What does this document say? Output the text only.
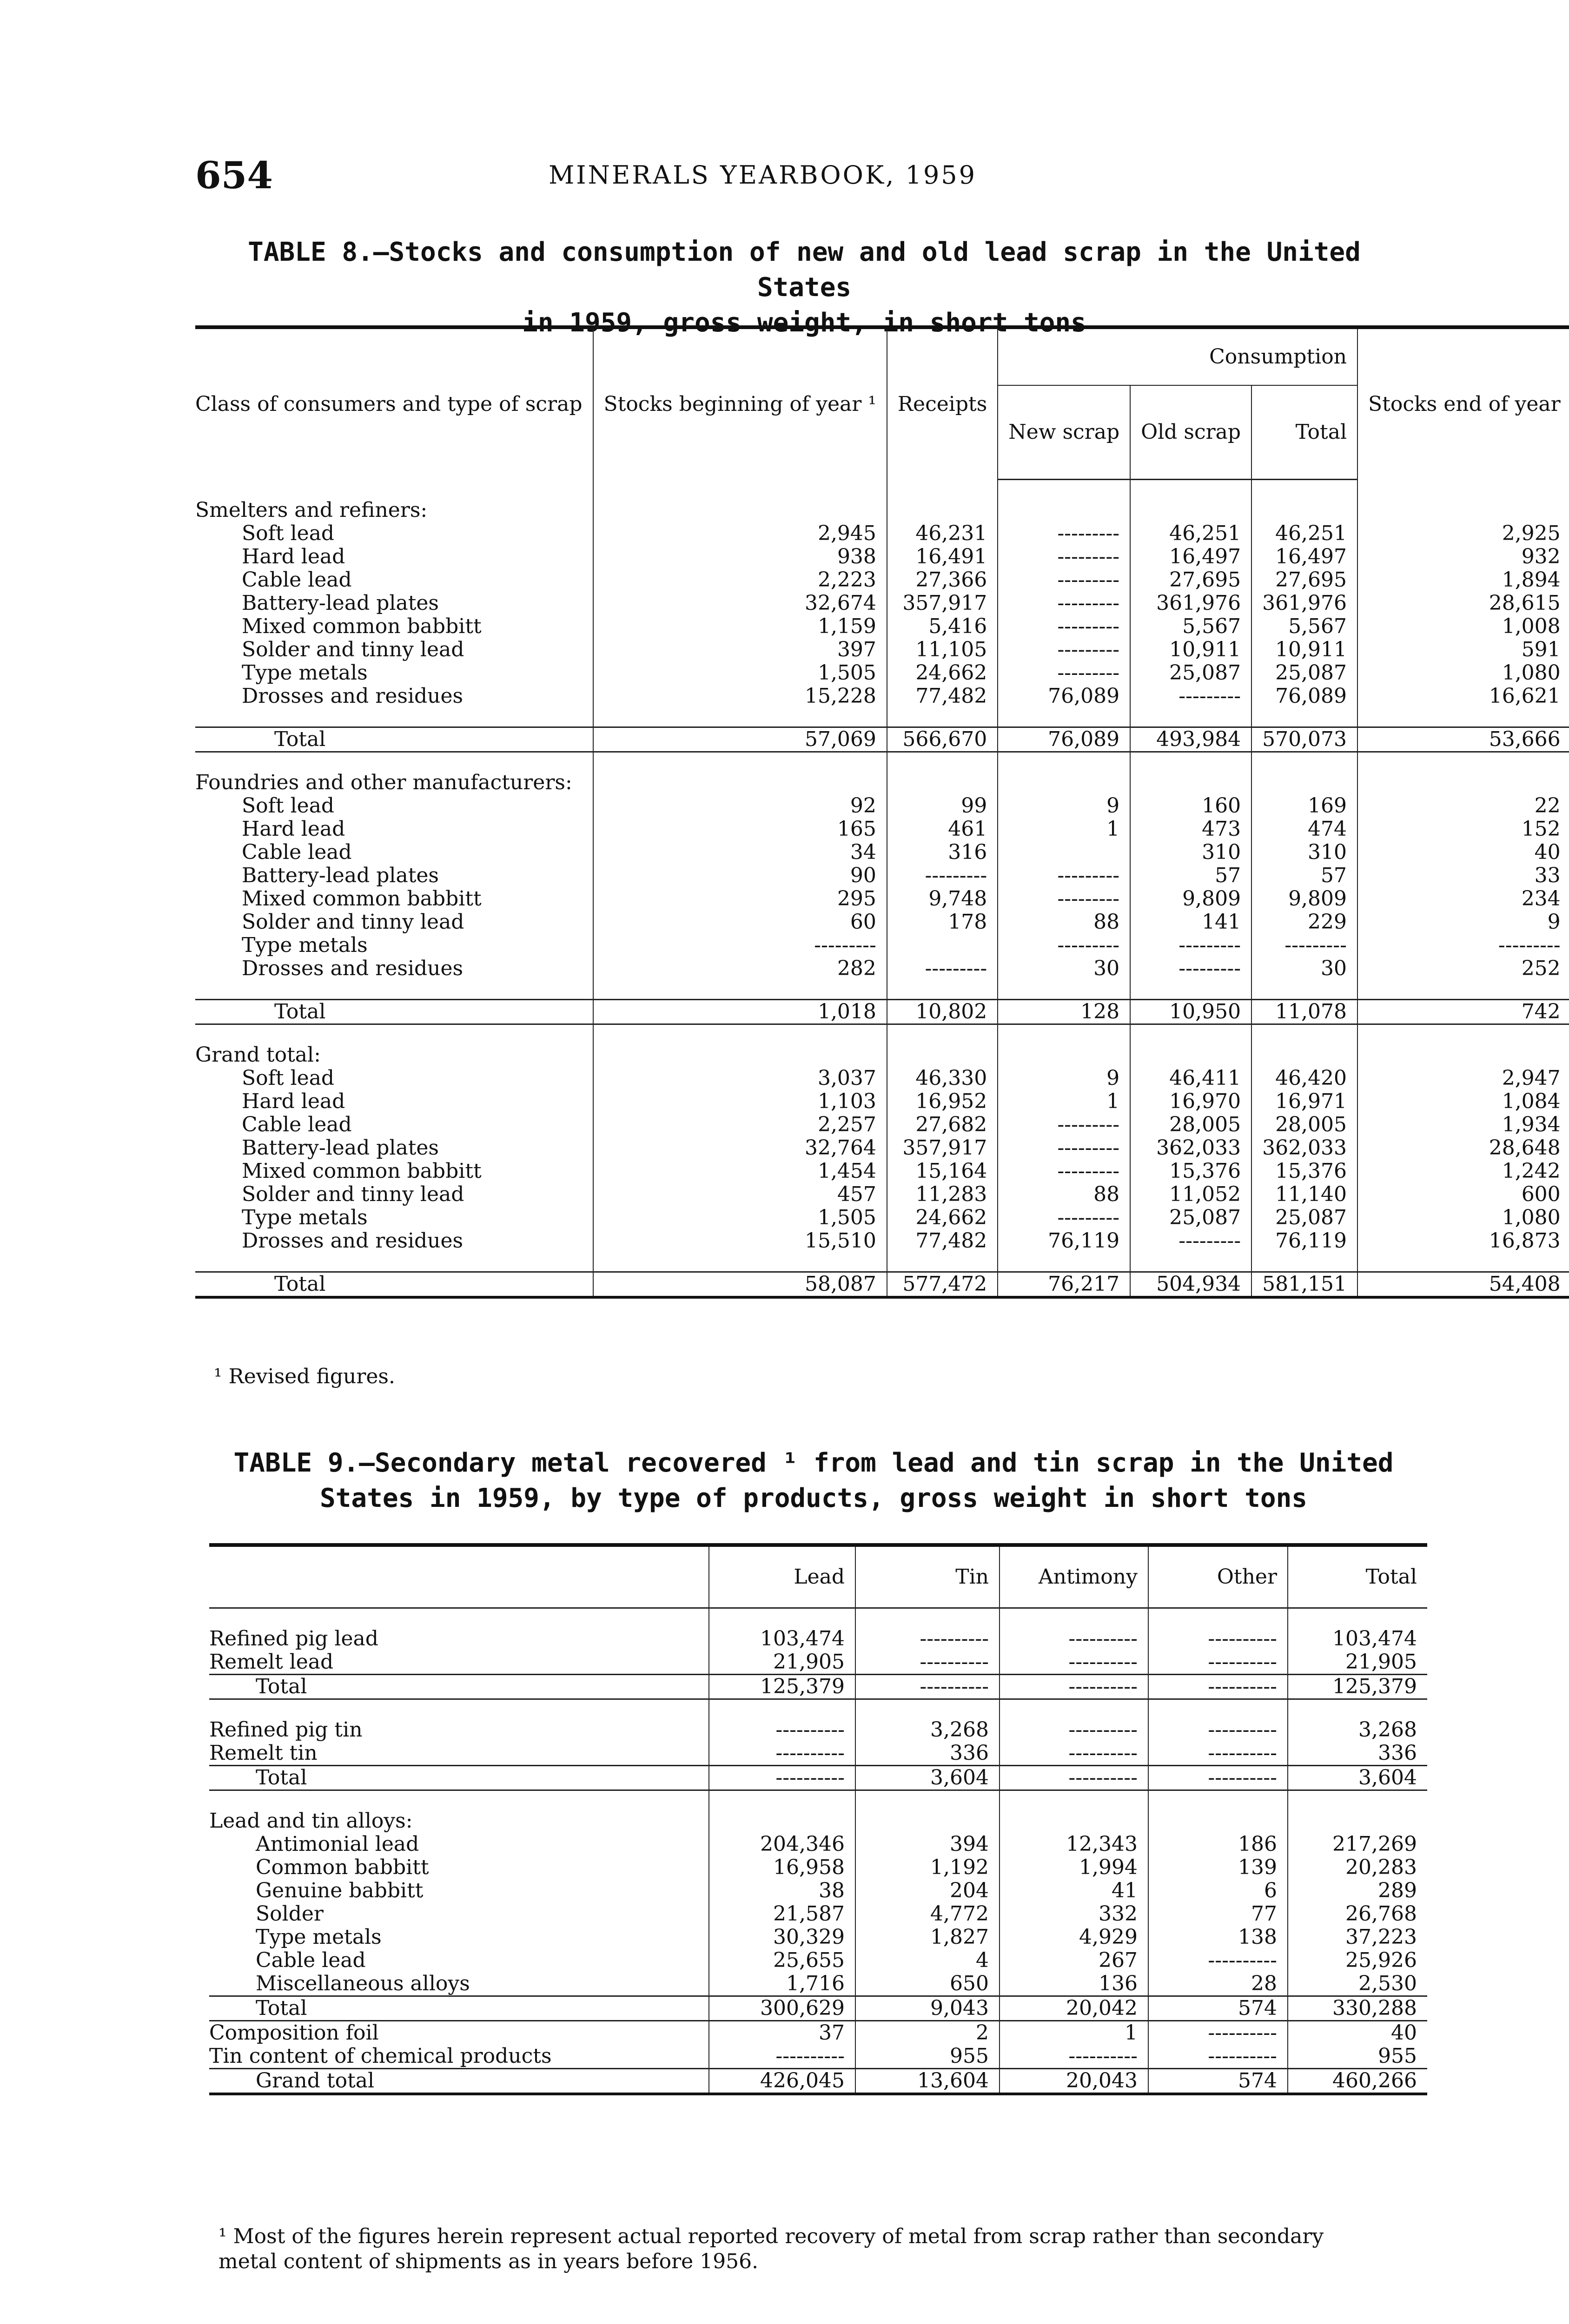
654	MINERALS YEARBOOK, 1959
TABLE 8.—Stocks and consumption of new and old lead scrap in the United States
in 1959, gross weight, in short tons
Class of consumers and type of scrap	Stocks beginning of year ¹	Receipts	Consumption			Stocks end of year
			New scrap	Old scrap	Total	

Smelters and refiners:						
Soft lead	2,945	46,231	---------	46,251	46,251	2,925
Hard lead	938	16,491	---------	16,497	16,497	932
Cable lead	2,223	27,366	---------	27,695	27,695	1,894
Battery-lead plates	32,674	357,917	---------	361,976	361,976	28,615
Mixed common babbitt	1,159	5,416	---------	5,567	5,567	1,008
Solder and tinny lead	397	11,105	---------	10,911	10,911	591
Type metals	1,505	24,662	---------	25,087	25,087	1,080
Drosses and residues	15,228	77,482	76,089	---------	76,089	16,621

Total	57,069	566,670	76,089	493,984	570,073	53,666

Foundries and other manufacturers:						
Soft lead	92	99	9	160	169	22
Hard lead	165	461	1	473	474	152
Cable lead	34	316		310	310	40
Battery-lead plates	90	---------	---------	57	57	33
Mixed common babbitt	295	9,748	---------	9,809	9,809	234
Solder and tinny lead	60	178	88	141	229	9
Type metals	---------		---------	---------	---------	---------
Drosses and residues	282	---------	30	---------	30	252

Total	1,018	10,802	128	10,950	11,078	742

Grand total:						
Soft lead	3,037	46,330	9	46,411	46,420	2,947
Hard lead	1,103	16,952	1	16,970	16,971	1,084
Cable lead	2,257	27,682	---------	28,005	28,005	1,934
Battery-lead plates	32,764	357,917	---------	362,033	362,033	28,648
Mixed common babbitt	1,454	15,164	---------	15,376	15,376	1,242
Solder and tinny lead	457	11,283	88	11,052	11,140	600
Type metals	1,505	24,662	---------	25,087	25,087	1,080
Drosses and residues	15,510	77,482	76,119	---------	76,119	16,873

Total	58,087	577,472	76,217	504,934	581,151	54,408
¹ Revised figures.
TABLE 9.—Secondary metal recovered ¹ from lead and tin scrap in the United
States in 1959, by type of products, gross weight in short tons
	Lead	Tin	Antimony	Other	Total

Refined pig lead	103,474	----------	----------	----------	103,474
Remelt lead	21,905	----------	----------	----------	21,905
Total	125,379	----------	----------	----------	125,379

Refined pig tin	----------	3,268	----------	----------	3,268
Remelt tin	----------	336	----------	----------	336
Total	----------	3,604	----------	----------	3,604

Lead and tin alloys:					
Antimonial lead	204,346	394	12,343	186	217,269
Common babbitt	16,958	1,192	1,994	139	20,283
Genuine babbitt	38	204	41	6	289
Solder	21,587	4,772	332	77	26,768
Type metals	30,329	1,827	4,929	138	37,223
Cable lead	25,655	4	267	----------	25,926
Miscellaneous alloys	1,716	650	136	28	2,530
Total	300,629	9,043	20,042	574	330,288
Composition foil	37	2	1	----------	40
Tin content of chemical products	----------	955	----------	----------	955
Grand total	426,045	13,604	20,043	574	460,266
¹ Most of the figures herein represent actual reported recovery of metal from scrap rather than secondary
metal content of shipments as in years before 1956.
